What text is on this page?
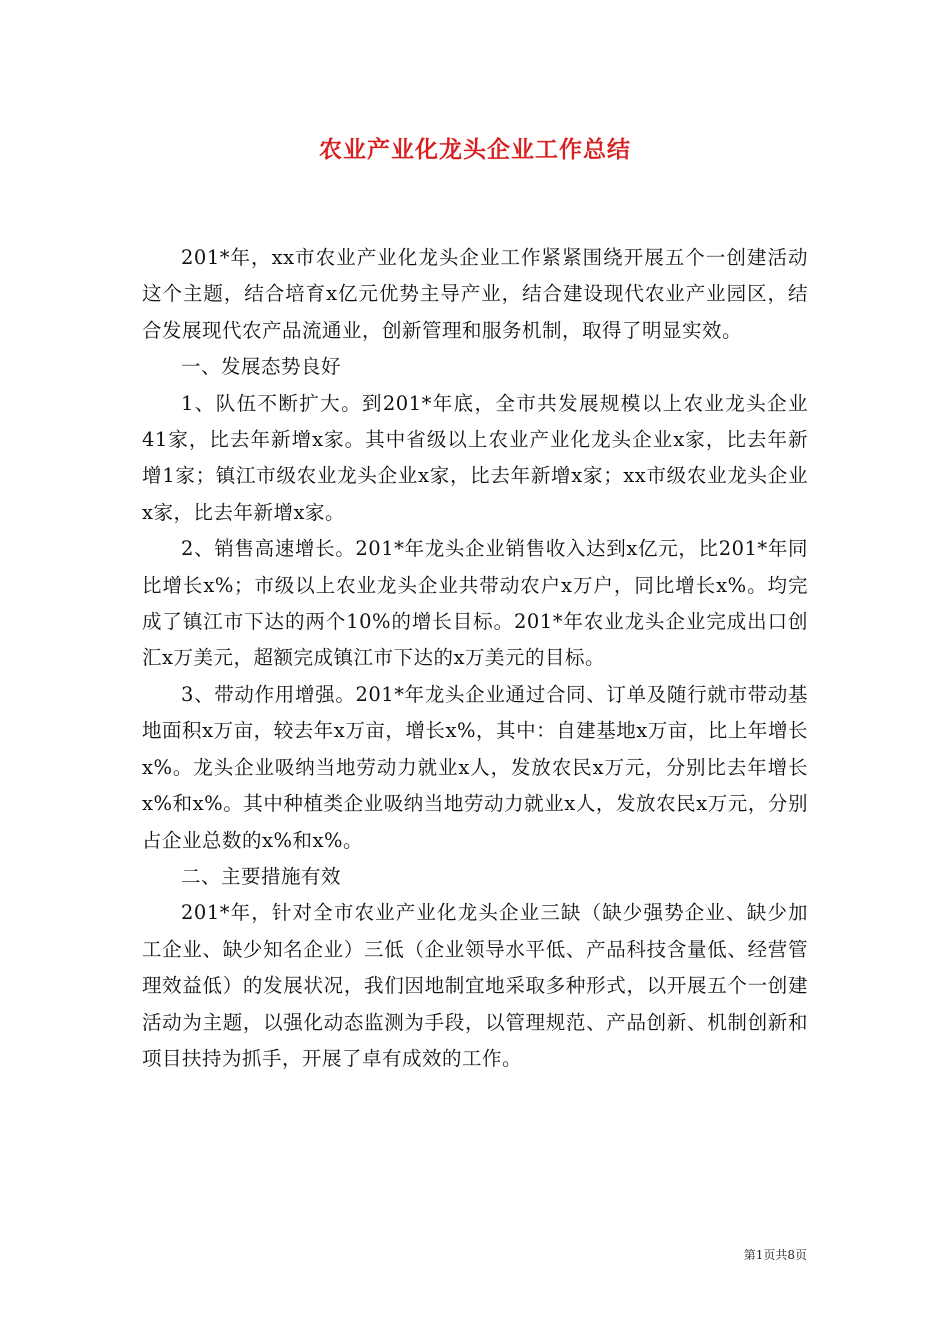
农业产业化龙头企业工作总结

201*年，xx市农业产业化龙头企业工作紧紧围绕开展五个一创建活动这个主题，结合培育x亿元优势主导产业，结合建设现代农业产业园区，结合发展现代农产品流通业，创新管理和服务机制，取得了明显实效。

一、发展态势良好

1、队伍不断扩大。到201*年底，全市共发展规模以上农业龙头企业41家，比去年新增x家。其中省级以上农业产业化龙头企业x家，比去年新增1家；镇江市级农业龙头企业x家，比去年新增x家；xx市级农业龙头企业x家，比去年新增x家。

2、销售高速增长。201*年龙头企业销售收入达到x亿元，比201*年同比增长x%；市级以上农业龙头企业共带动农户x万户，同比增长x%。均完成了镇江市下达的两个10%的增长目标。201*年农业龙头企业完成出口创汇x万美元，超额完成镇江市下达的x万美元的目标。

3、带动作用增强。201*年龙头企业通过合同、订单及随行就市带动基地面积x万亩，较去年x万亩，增长x%，其中：自建基地x万亩，比上年增长x%。龙头企业吸纳当地劳动力就业x人，发放农民x万元，分别比去年增长x%和x%。其中种植类企业吸纳当地劳动力就业x人，发放农民x万元，分别占企业总数的x%和x%。

二、主要措施有效

201*年，针对全市农业产业化龙头企业三缺（缺少强势企业、缺少加工企业、缺少知名企业）三低（企业领导水平低、产品科技含量低、经营管理效益低）的发展状况，我们因地制宜地采取多种形式，以开展五个一创建活动为主题，以强化动态监测为手段，以管理规范、产品创新、机制创新和项目扶持为抓手，开展了卓有成效的工作。

第1页共8页
